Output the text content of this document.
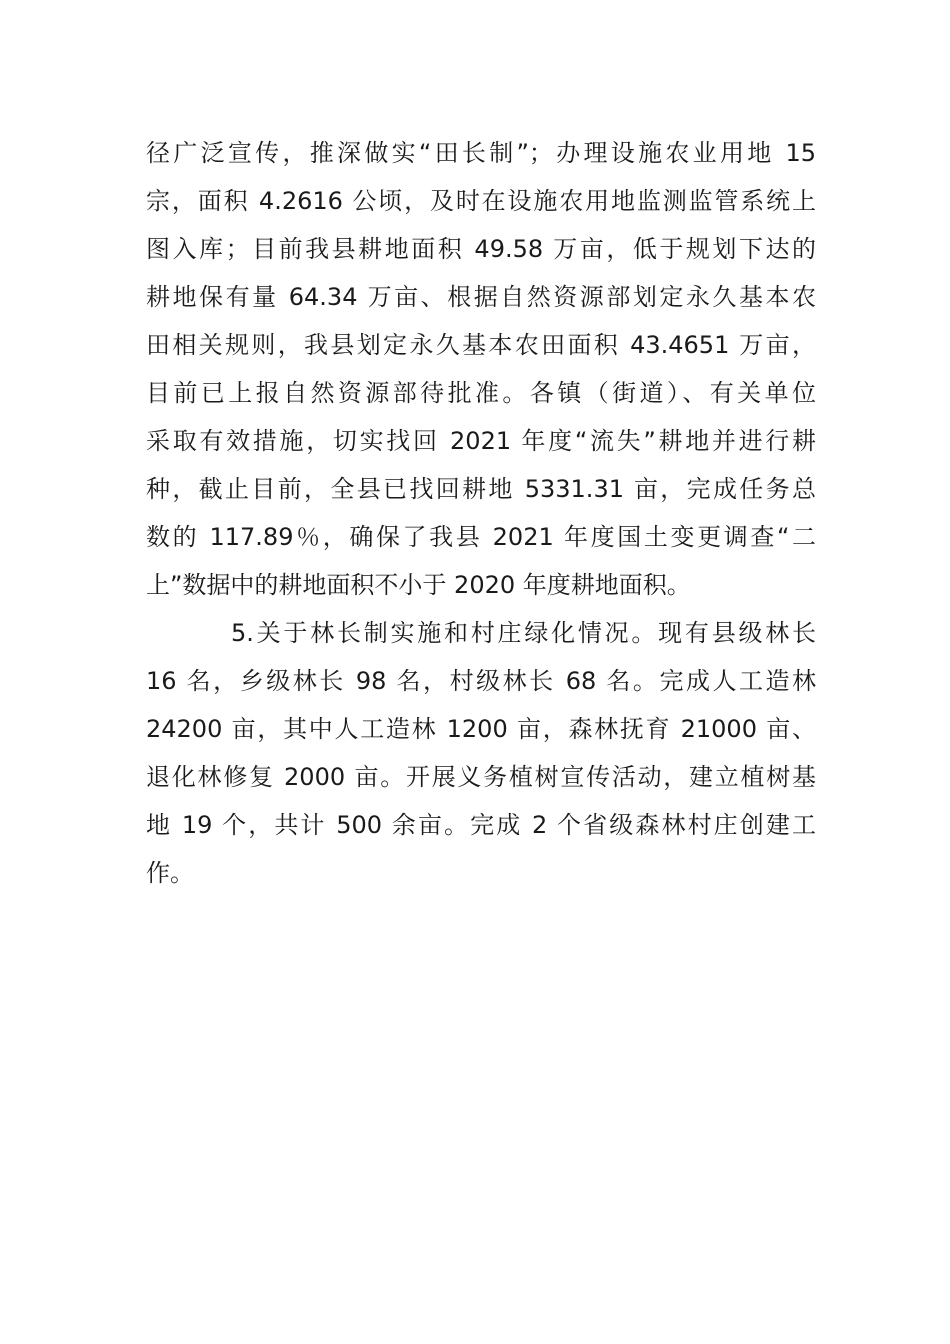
径广泛宣传，推深做实“田长制”；办理设施农业用地 15
宗，面积 4.2616 公顷，及时在设施农用地监测监管系统上
图入库；目前我县耕地面积 49.58 万亩，低于规划下达的
耕地保有量 64.34 万亩、根据自然资源部划定永久基本农
田相关规则，我县划定永久基本农田面积 43.4651 万亩，
目前已上报自然资源部待批准。各镇（街道）、有关单位
采取有效措施，切实找回 2021 年度“流失”耕地并进行耕
种，截止目前，全县已找回耕地 5331.31 亩，完成任务总
数的 117.89％，确保了我县 2021 年度国土变更调查“二
上”数据中的耕地面积不小于 2020 年度耕地面积。
5.关于林长制实施和村庄绿化情况。现有县级林长
16 名，乡级林长 98 名，村级林长 68 名。完成人工造林
24200 亩，其中人工造林 1200 亩，森林抚育 21000 亩、
退化林修复 2000 亩。开展义务植树宣传活动，建立植树基
地 19 个，共计 500 余亩。完成 2 个省级森林村庄创建工
作。
